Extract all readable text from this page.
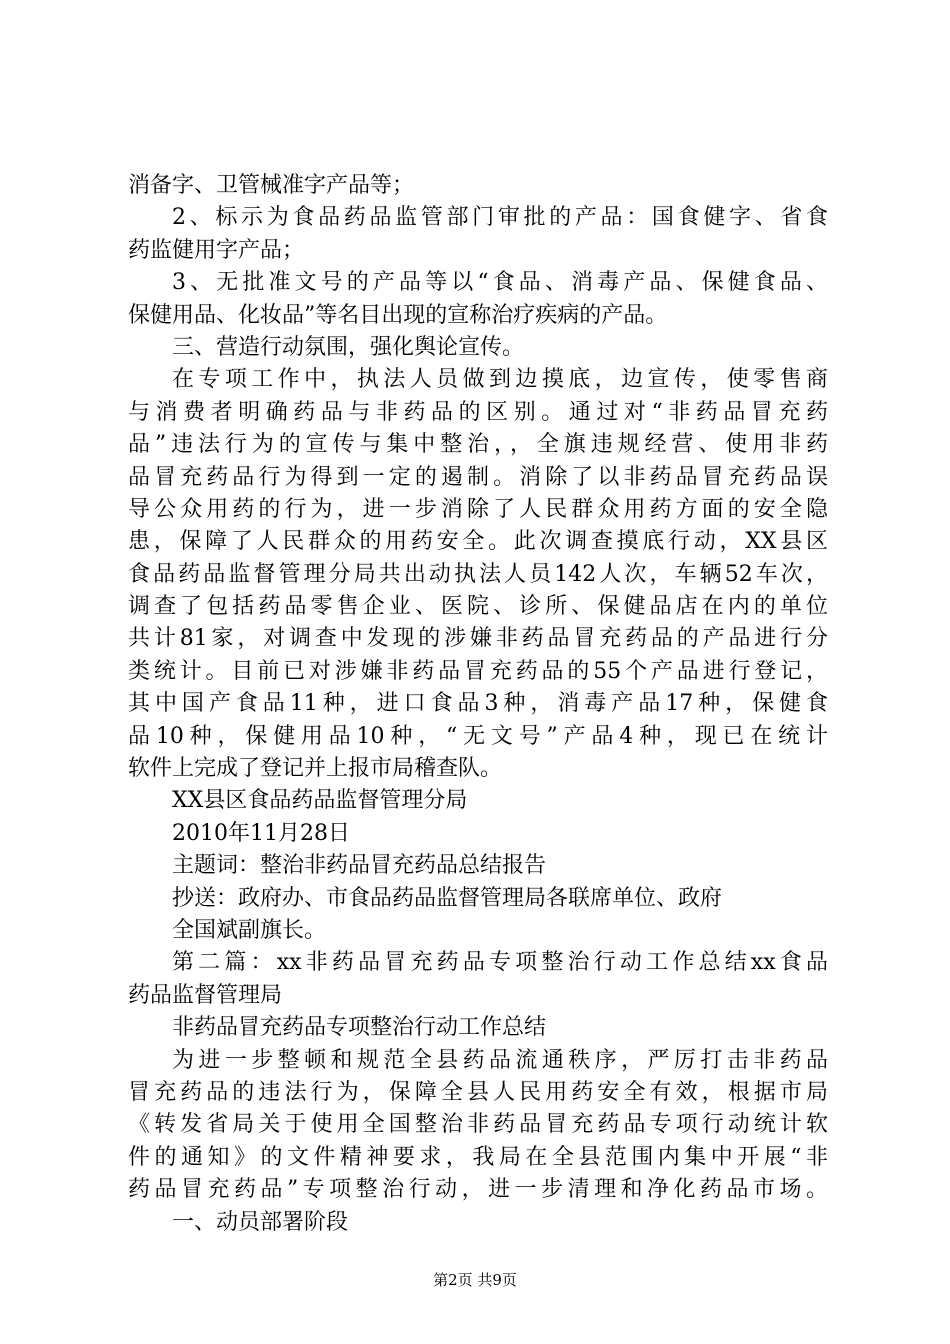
消备字、卫管械准字产品等；
2、标示为食品药品监管部门审批的产品：国食健字、省食
药监健用字产品；
3、无批准文号的产品等以“食品、消毒产品、保健食品、
保健用品、化妆品”等名目出现的宣称治疗疾病的产品。
三、营造行动氛围，强化舆论宣传。
在专项工作中，执法人员做到边摸底，边宣传，使零售商
与消费者明确药品与非药品的区别。通过对“非药品冒充药
品”违法行为的宣传与集中整治，，全旗违规经营、使用非药
品冒充药品行为得到一定的遏制。消除了以非药品冒充药品误
导公众用药的行为，进一步消除了人民群众用药方面的安全隐
患，保障了人民群众的用药安全。此次调查摸底行动，XX县区
食品药品监督管理分局共出动执法人员142人次，车辆52车次，
调查了包括药品零售企业、医院、诊所、保健品店在内的单位
共计81家，对调查中发现的涉嫌非药品冒充药品的产品进行分
类统计。目前已对涉嫌非药品冒充药品的55个产品进行登记，
其中国产食品11种，进口食品3种，消毒产品17种，保健食
品10种，保健用品10种，“无文号”产品4种，现已在统计
软件上完成了登记并上报市局稽查队。
XX县区食品药品监督管理分局
2010年11月28日
主题词：整治非药品冒充药品总结报告
抄送：政府办、市食品药品监督管理局各联席单位、政府
全国斌副旗长。
第二篇：xx非药品冒充药品专项整治行动工作总结xx食品
药品监督管理局
非药品冒充药品专项整治行动工作总结
为进一步整顿和规范全县药品流通秩序，严厉打击非药品
冒充药品的违法行为，保障全县人民用药安全有效，根据市局
《转发省局关于使用全国整治非药品冒充药品专项行动统计软
件的通知》的文件精神要求，我局在全县范围内集中开展“非
药品冒充药品”专项整治行动，进一步清理和净化药品市场。
一、动员部署阶段
第2页 共9页
